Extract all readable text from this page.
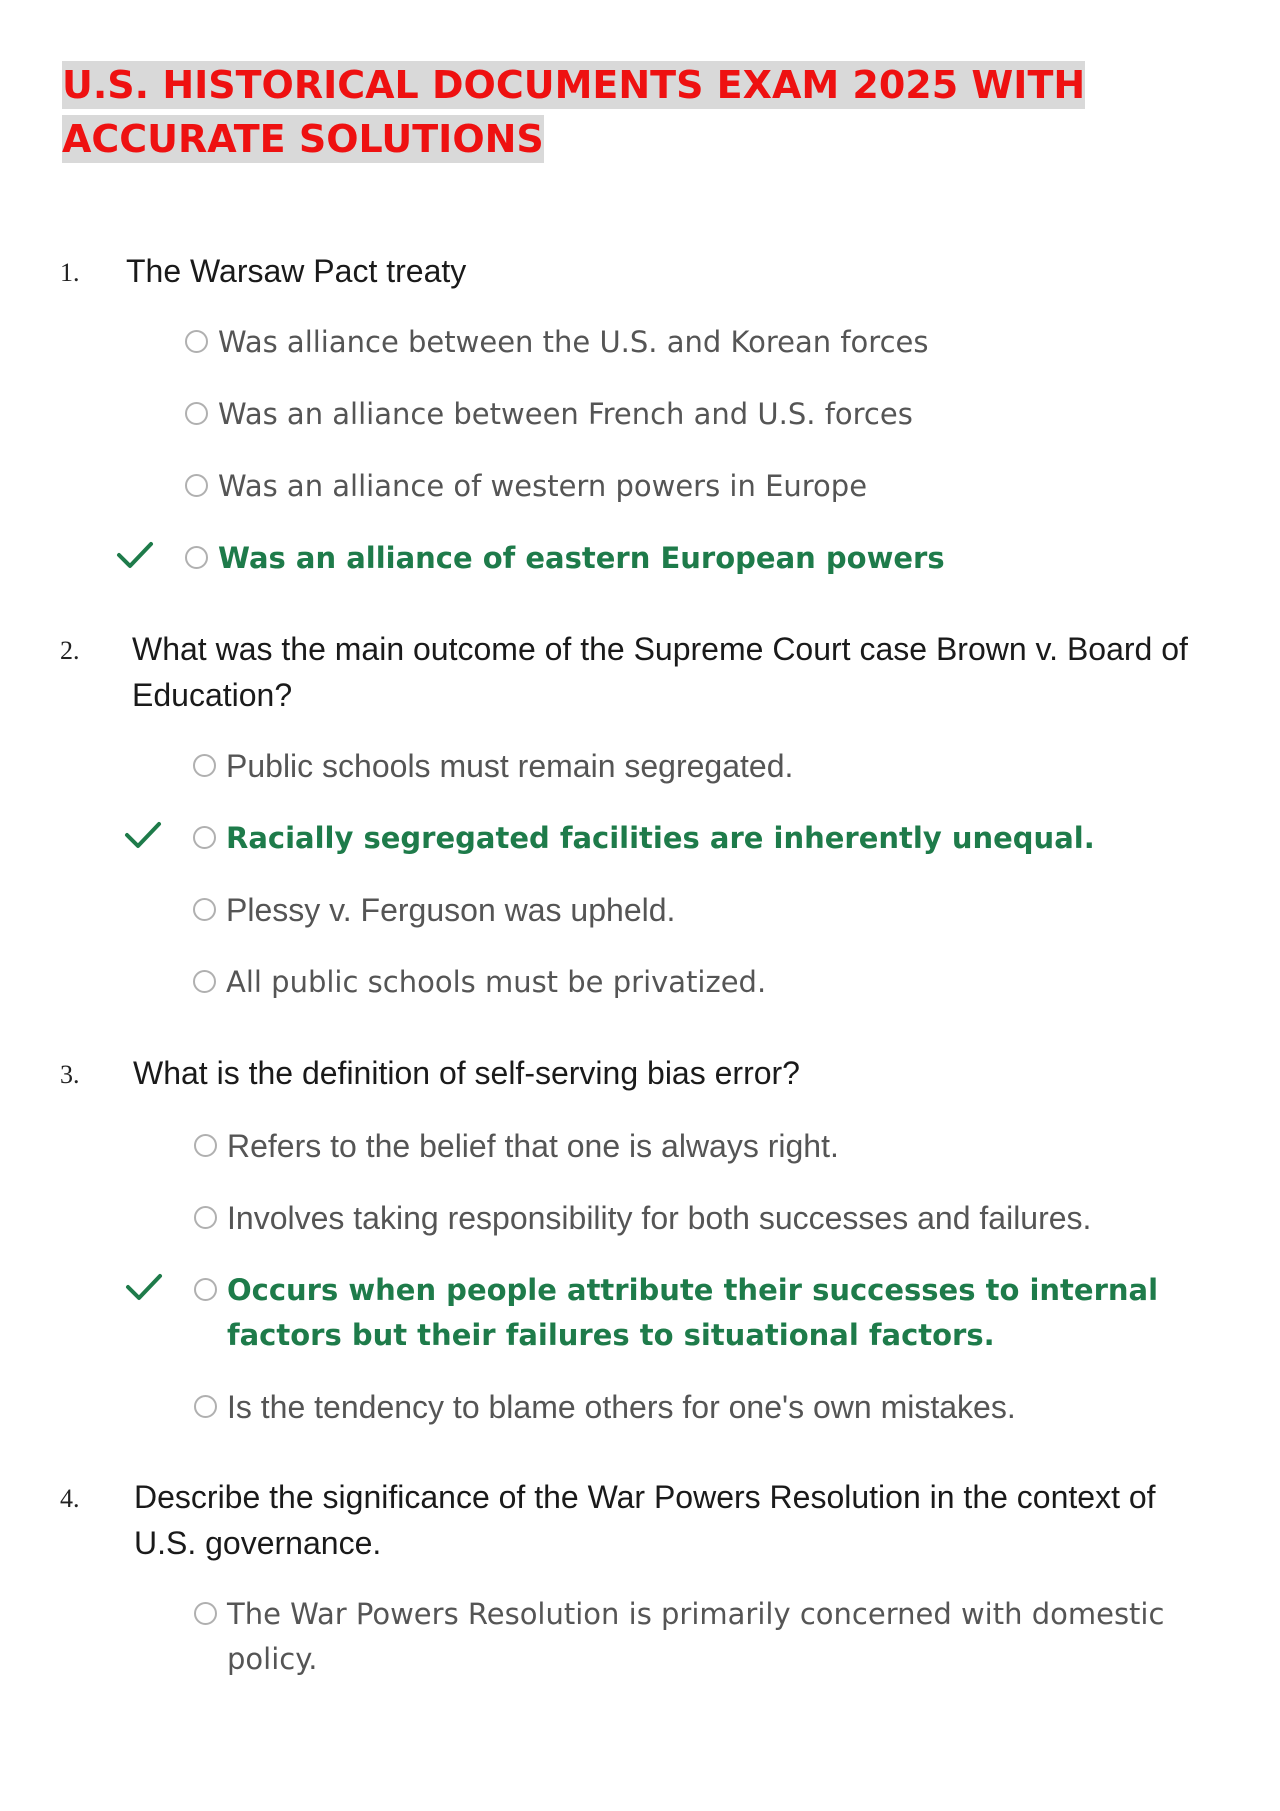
U.S. HISTORICAL DOCUMENTS EXAM 2025 WITH ACCURATE SOLUTIONS
1.	The Warsaw Pact treaty
Was alliance between the U.S. and Korean forces
Was an alliance between French and U.S. forces
Was an alliance of western powers in Europe
Was an alliance of eastern European powers
2.	What was the main outcome of the Supreme Court case Brown v. Board of Education?
Public schools must remain segregated.
Racially segregated facilities are inherently unequal.
Plessy v. Ferguson was upheld.
All public schools must be privatized.
3.	What is the definition of self-serving bias error?
Refers to the belief that one is always right.
Involves taking responsibility for both successes and failures.
Occurs when people attribute their successes to internal factors but their failures to situational factors.
Is the tendency to blame others for one's own mistakes.
4.	Describe the significance of the War Powers Resolution in the context of U.S. governance.
The War Powers Resolution is primarily concerned with domestic policy.
